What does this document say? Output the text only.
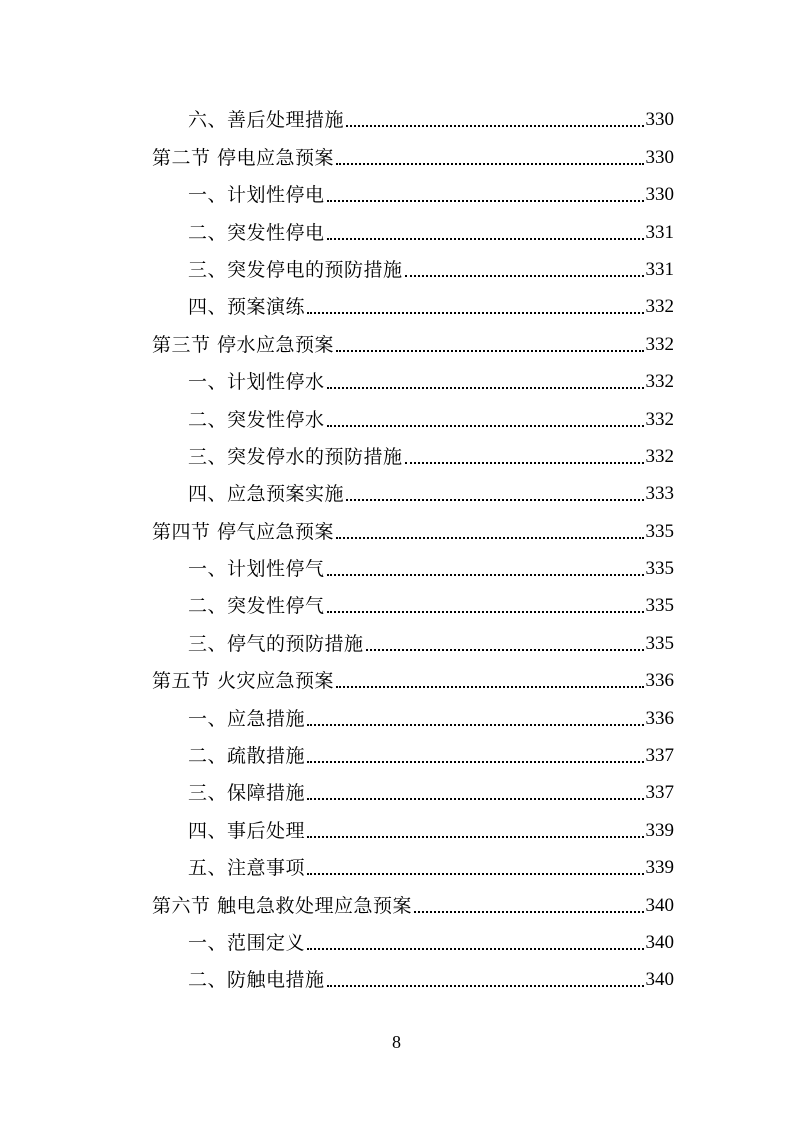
六、善后处理措施	330
第二节 停电应急预案	330
一、计划性停电	330
二、突发性停电	331
三、突发停电的预防措施	331
四、预案演练	332
第三节 停水应急预案	332
一、计划性停水	332
二、突发性停水	332
三、突发停水的预防措施	332
四、应急预案实施	333
第四节 停气应急预案	335
一、计划性停气	335
二、突发性停气	335
三、停气的预防措施	335
第五节 火灾应急预案	336
一、应急措施	336
二、疏散措施	337
三、保障措施	337
四、事后处理	339
五、注意事项	339
第六节 触电急救处理应急预案	340
一、范围定义	340
二、防触电措施	340
8
